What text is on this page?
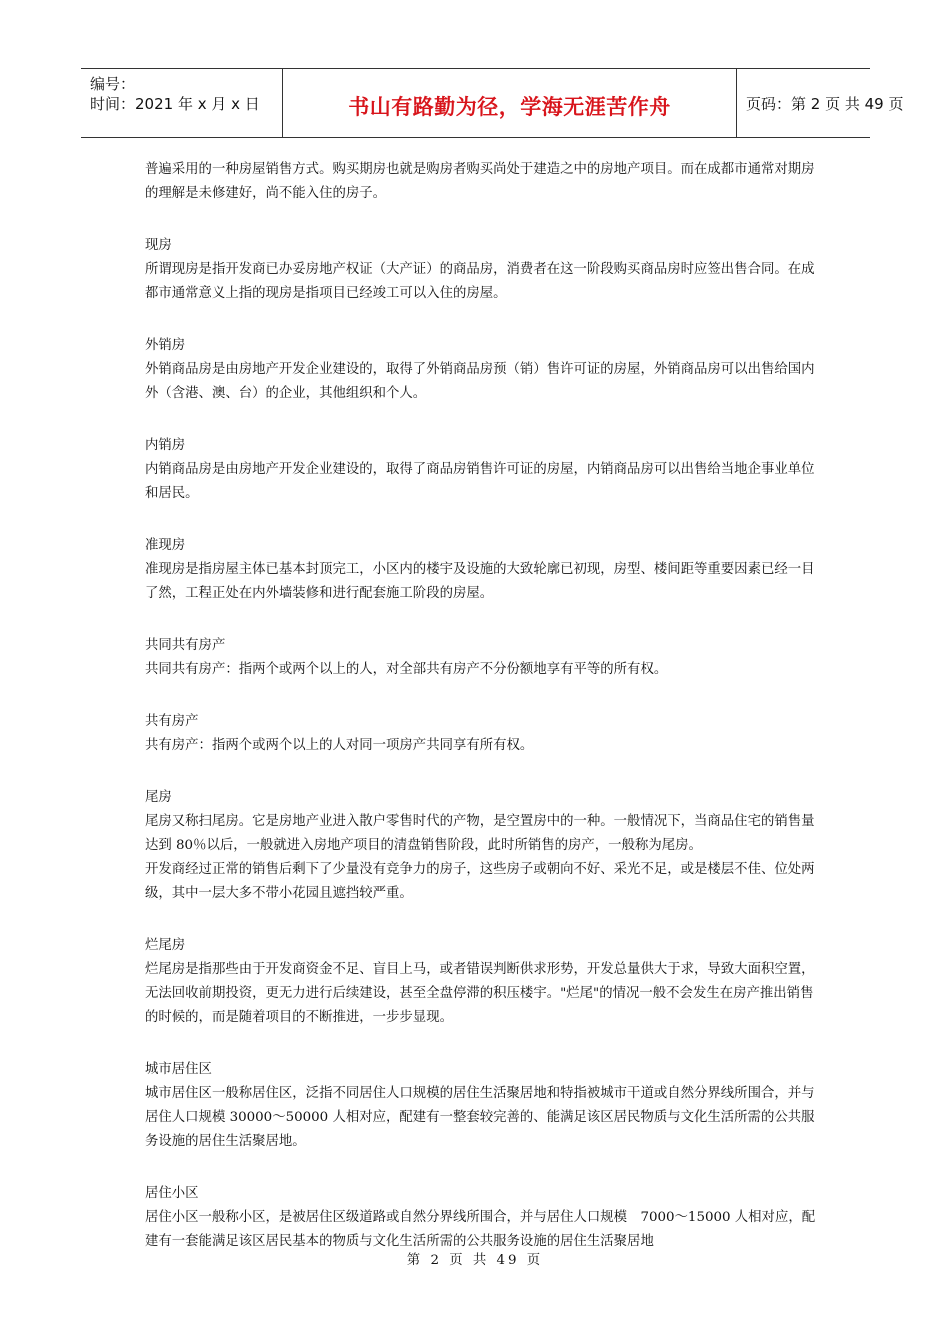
编号：
时间：2021 年 x 月 x 日	书山有路勤为径，学海无涯苦作舟	页码：第 2 页 共 49 页

普遍采用的一种房屋销售方式。购买期房也就是购房者购买尚处于建造之中的房地产项目。而在成都市通常对期房的理解是未修建好，尚不能入住的房子。

现房

所谓现房是指开发商已办妥房地产权证（大产证）的商品房，消费者在这一阶段购买商品房时应签出售合同。在成都市通常意义上指的现房是指项目已经竣工可以入住的房屋。

外销房

外销商品房是由房地产开发企业建设的，取得了外销商品房预（销）售许可证的房屋，外销商品房可以出售给国内外（含港、澳、台）的企业，其他组织和个人。

内销房

内销商品房是由房地产开发企业建设的，取得了商品房销售许可证的房屋，内销商品房可以出售给当地企事业单位和居民。

准现房

准现房是指房屋主体已基本封顶完工，小区内的楼宇及设施的大致轮廓已初现，房型、楼间距等重要因素已经一目了然，工程正处在内外墙装修和进行配套施工阶段的房屋。

共同共有房产

共同共有房产：指两个或两个以上的人，对全部共有房产不分份额地享有平等的所有权。

共有房产

共有房产：指两个或两个以上的人对同一项房产共同享有所有权。

尾房

尾房又称扫尾房。它是房地产业进入散户零售时代的产物，是空置房中的一种。一般情况下，当商品住宅的销售量达到 80％以后，一般就进入房地产项目的清盘销售阶段，此时所销售的房产，一般称为尾房。

开发商经过正常的销售后剩下了少量没有竞争力的房子，这些房子或朝向不好、采光不足，或是楼层不佳、位处两级，其中一层大多不带小花园且遮挡较严重。

烂尾房

烂尾房是指那些由于开发商资金不足、盲目上马，或者错误判断供求形势，开发总量供大于求，导致大面积空置，无法回收前期投资，更无力进行后续建设，甚至全盘停滞的积压楼宇。"烂尾"的情况一般不会发生在房产推出销售的时候的，而是随着项目的不断推进，一步步显现。

城市居住区

城市居住区一般称居住区，泛指不同居住人口规模的居住生活聚居地和特指被城市干道或自然分界线所围合，并与居住人口规模 30000～50000 人相对应，配建有一整套较完善的、能满足该区居民物质与文化生活所需的公共服务设施的居住生活聚居地。

居住小区

居住小区一般称小区，是被居住区级道路或自然分界线所围合，并与居住人口规模　7000～15000 人相对应，配建有一套能满足该区居民基本的物质与文化生活所需的公共服务设施的居住生活聚居地

第 2 页 共 49 页
